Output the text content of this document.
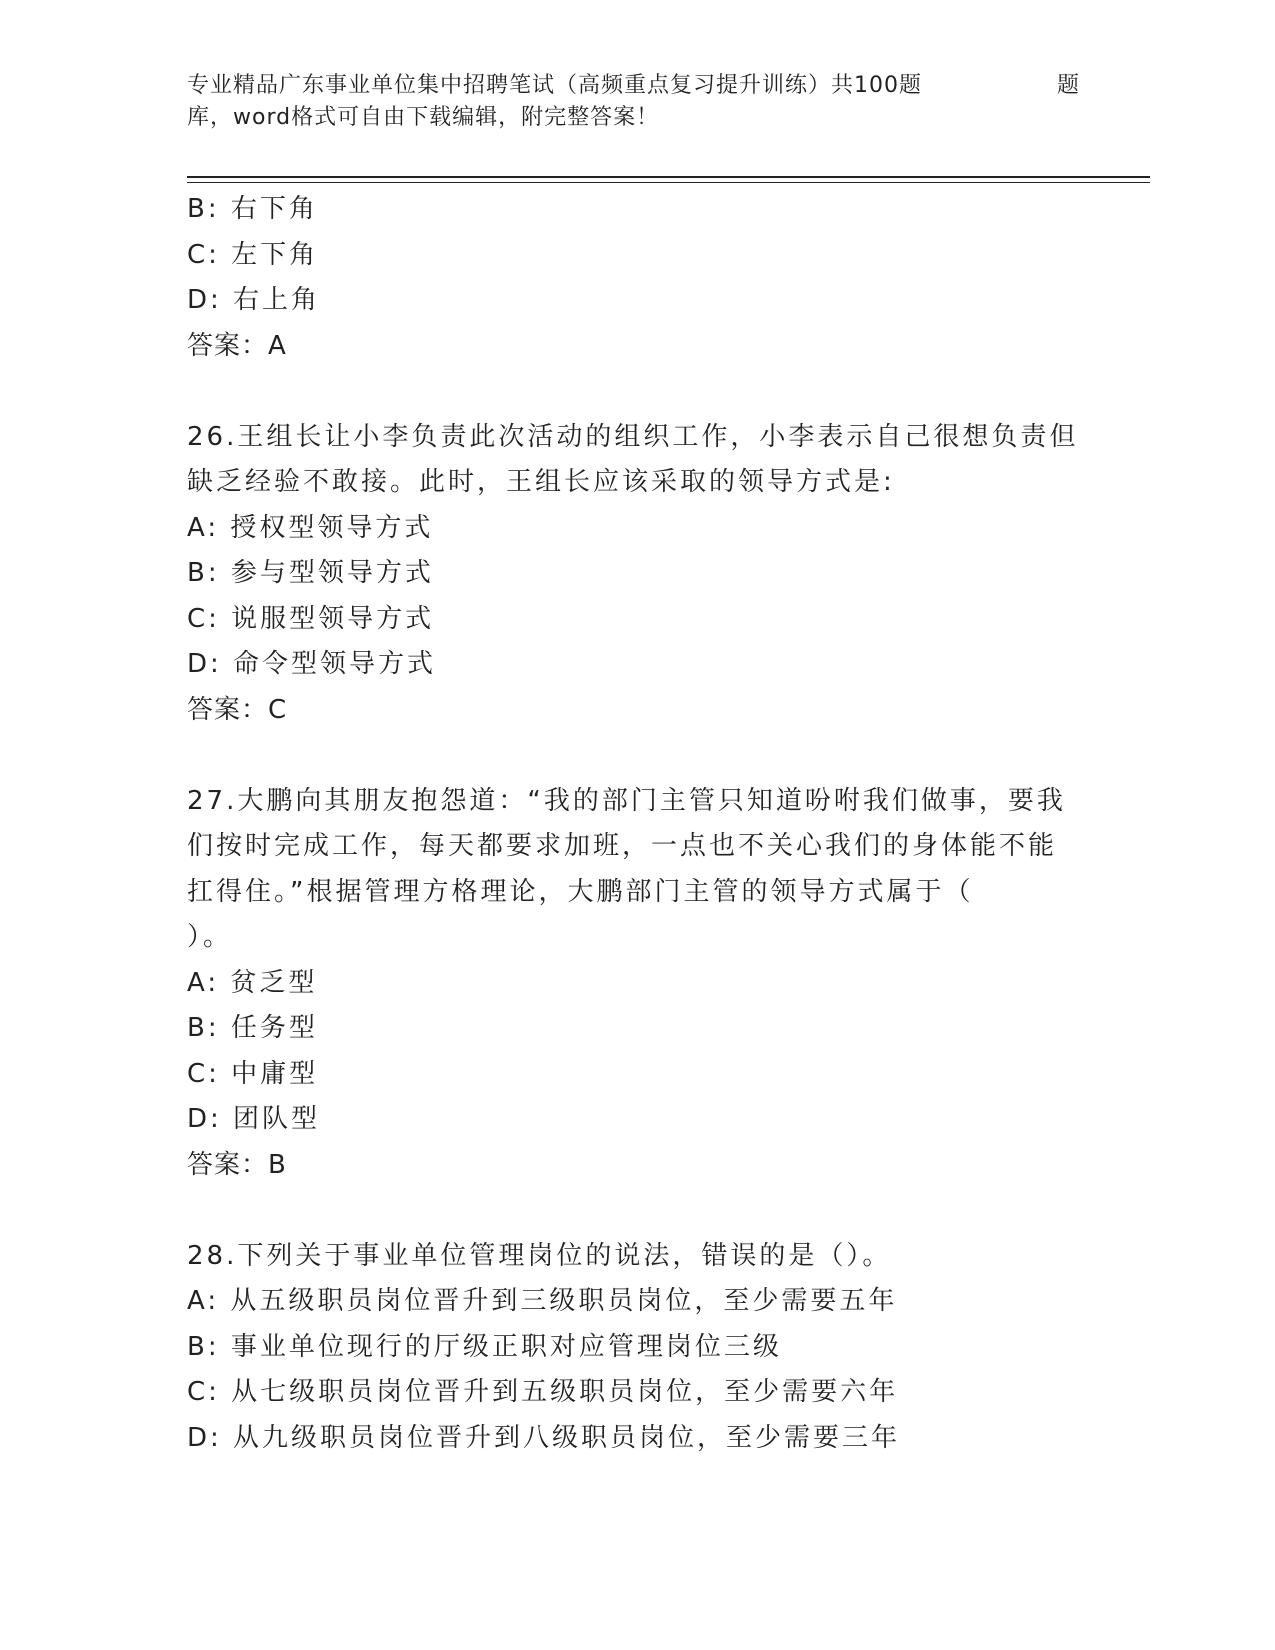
专业精品广东事业单位集中招聘笔试（高频重点复习提升训练）共100题	题
库，word格式可自由下载编辑，附完整答案！
B: 右下角
C: 左下角
D: 右上角
答案：A
26.王组长让小李负责此次活动的组织工作，小李表示自己很想负责但
缺乏经验不敢接。此时，王组长应该采取的领导方式是:
A: 授权型领导方式
B: 参与型领导方式
C: 说服型领导方式
D: 命令型领导方式
答案：C
27.大鹏向其朋友抱怨道：“我的部门主管只知道吩咐我们做事，要我
们按时完成工作，每天都要求加班，一点也不关心我们的身体能不能
扛得住。”根据管理方格理论，大鹏部门主管的领导方式属于（
）。
A: 贫乏型
B: 任务型
C: 中庸型
D: 团队型
答案：B
28.下列关于事业单位管理岗位的说法，错误的是（）。
A: 从五级职员岗位晋升到三级职员岗位，至少需要五年
B: 事业单位现行的厅级正职对应管理岗位三级
C: 从七级职员岗位晋升到五级职员岗位，至少需要六年
D: 从九级职员岗位晋升到八级职员岗位，至少需要三年
